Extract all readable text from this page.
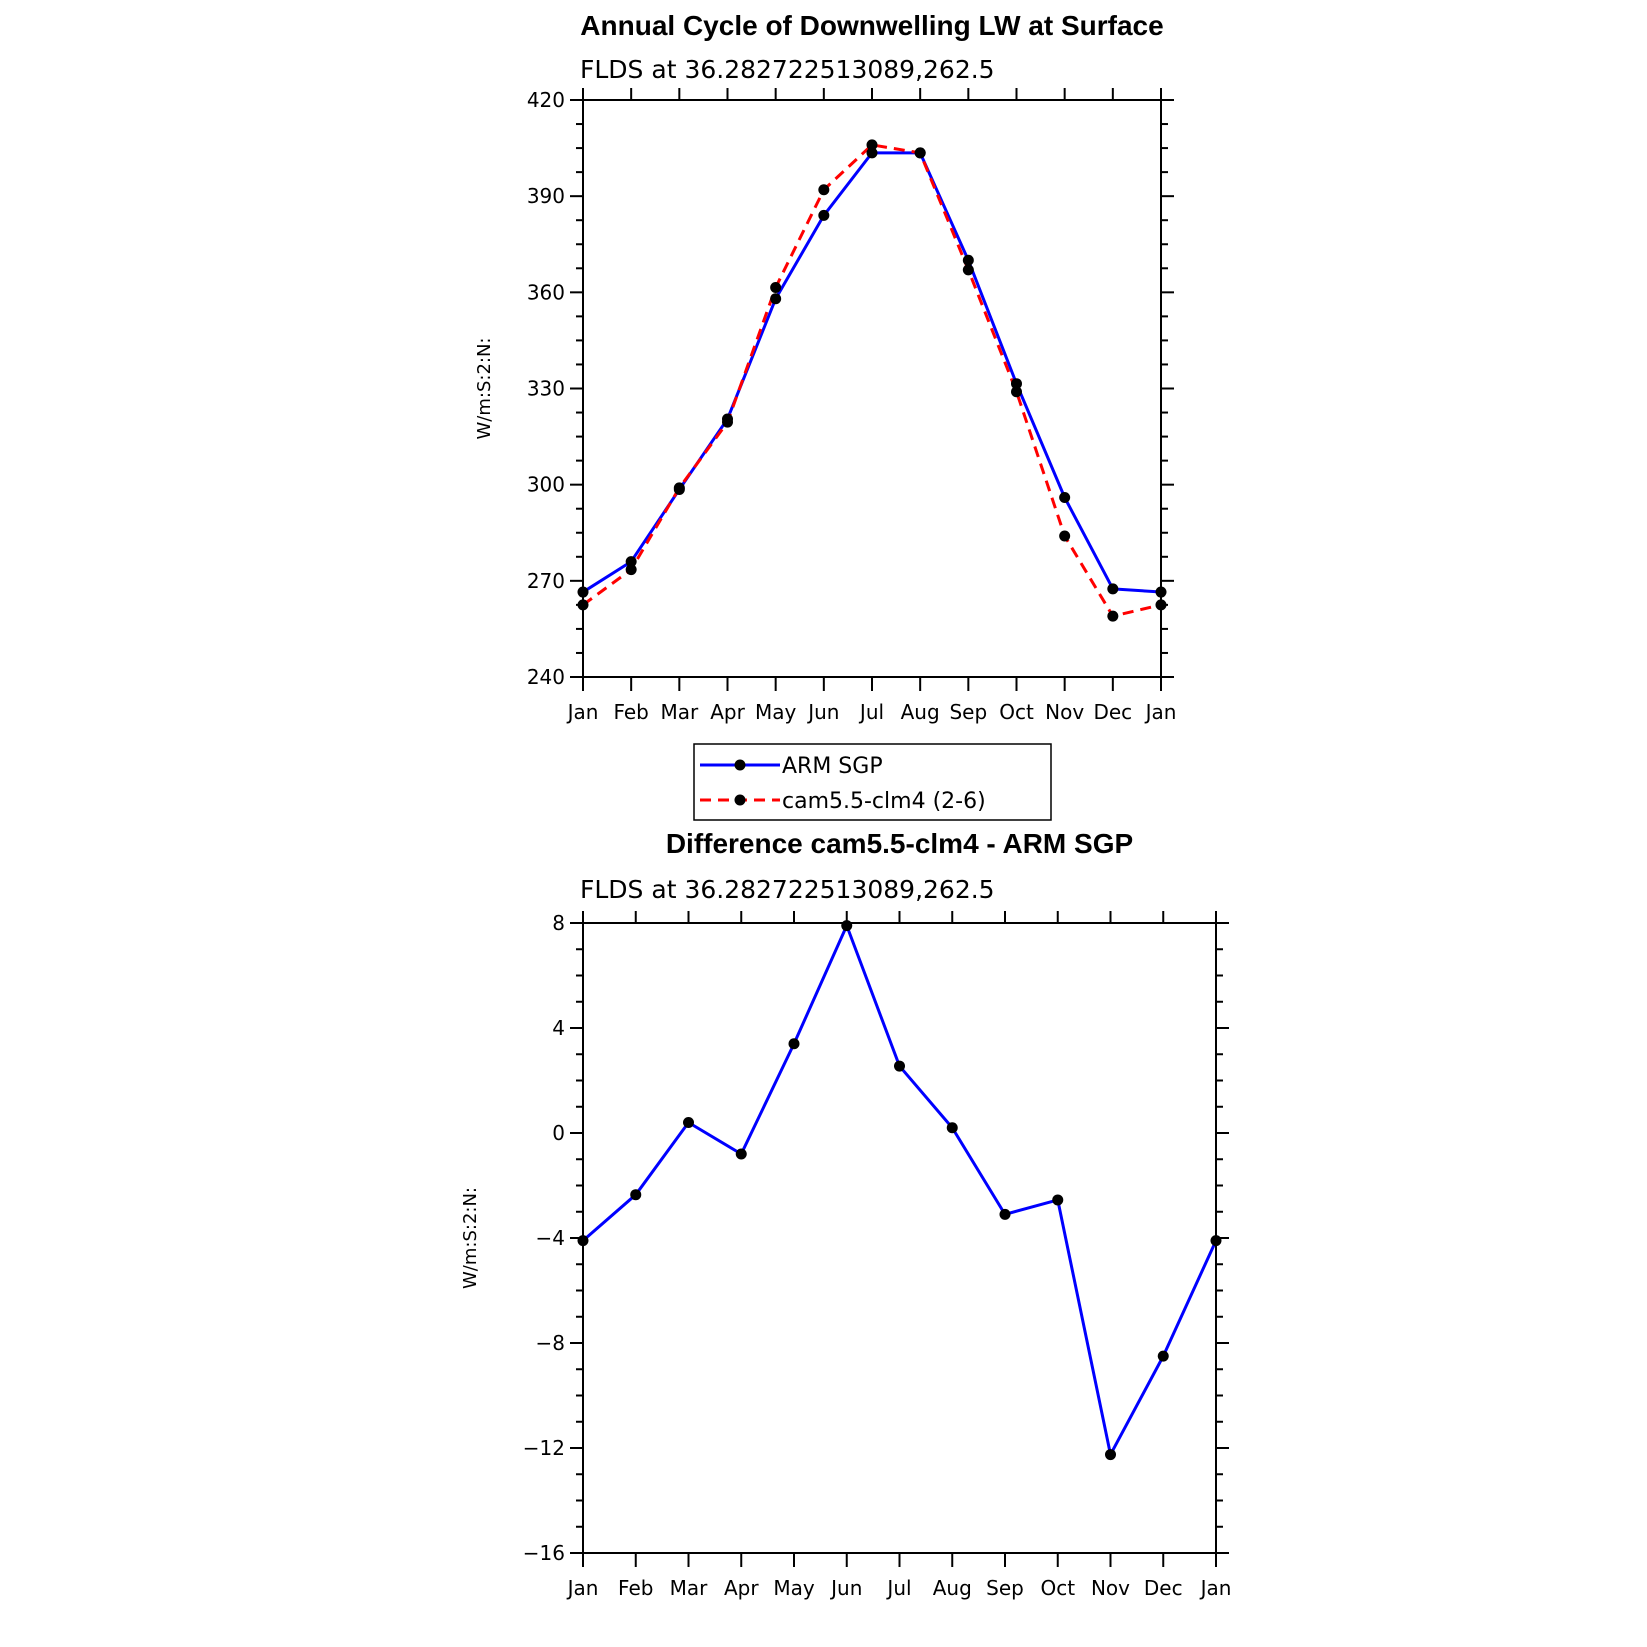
Annual Cycle of Downwelling LW at Surface
FLDS at 36.282722513089,262.5
240
270
300
330
360
390
420
Jan Feb Mar Apr May Jun Jul Aug Sep Oct Nov Dec Jan
W/m:S:2:N:
ARM SGP
cam5.5-clm4 (2-6)
Difference cam5.5-clm4 - ARM SGP
FLDS at 36.282722513089,262.5
−16
−12
−8
−4
0
4
8
Jan Feb Mar Apr May Jun Jul Aug Sep Oct Nov Dec Jan
W/m:S:2:N:
